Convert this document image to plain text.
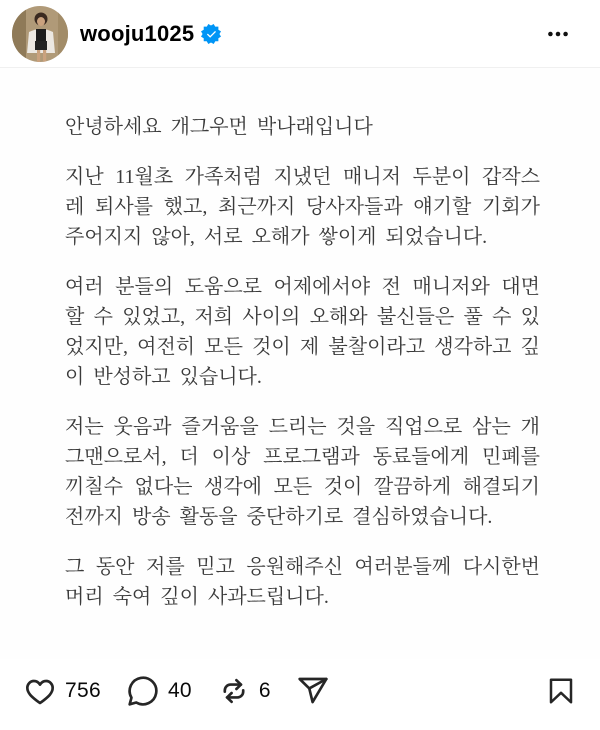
wooju1025

안녕하세요 개그우먼 박나래입니다

지난 11월초 가족처럼 지냈던 매니저 두분이 갑작스레 퇴사를 했고, 최근까지 당사자들과 얘기할 기회가 주어지지 않아, 서로 오해가 쌓이게 되었습니다.

여러 분들의 도움으로 어제에서야 전 매니저와 대면할 수 있었고, 저희 사이의 오해와 불신들은 풀 수 있었지만, 여전히 모든 것이 제 불찰이라고 생각하고 깊이 반성하고 있습니다.

저는 웃음과 즐거움을 드리는 것을 직업으로 삼는 개그맨으로서, 더 이상 프로그램과 동료들에게 민폐를 끼칠수 없다는 생각에 모든 것이 깔끔하게 해결되기 전까지 방송 활동을 중단하기로 결심하였습니다.

그 동안 저를 믿고 응원해주신 여러분들께 다시한번 머리 숙여 깊이 사과드립니다.

756	40	6
